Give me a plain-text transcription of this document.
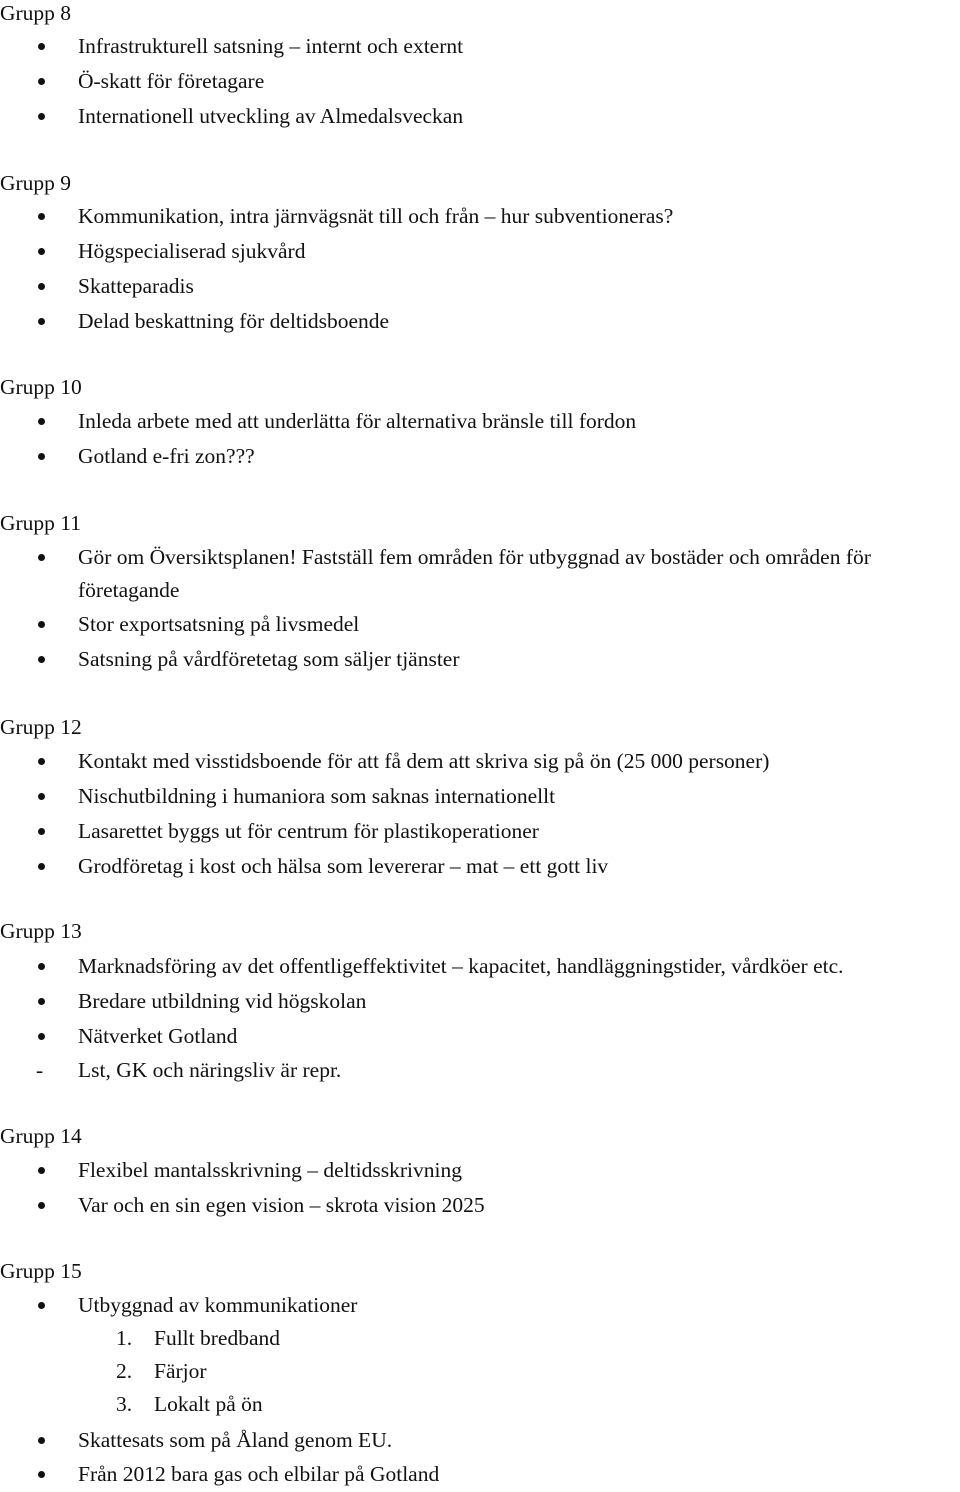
Grupp 8
Infrastrukturell satsning – internt och externt
Ö-skatt för företagare
Internationell utveckling av Almedalsveckan
Grupp 9
Kommunikation, intra järnvägsnät till och från – hur subventioneras?
Högspecialiserad sjukvård
Skatteparadis
Delad beskattning för deltidsboende
Grupp 10
Inleda arbete med att underlätta för alternativa bränsle till fordon
Gotland e-fri zon???
Grupp 11
Gör om Översiktsplanen! Fastställ fem områden för utbyggnad av bostäder och områden för företagande
Stor exportsatsning på livsmedel
Satsning på vårdföretetag som säljer tjänster
Grupp 12
Kontakt med visstidsboende för att få dem att skriva sig på ön (25 000 personer)
Nischutbildning i humaniora som saknas internationellt
Lasarettet byggs ut för centrum för plastikoperationer
Grodföretag i kost och hälsa som levererar – mat – ett gott liv
Grupp 13
Marknadsföring av det offentligeffektivitet – kapacitet, handläggningstider, vårdköer etc.
Bredare utbildning vid högskolan
Nätverket Gotland
- Lst, GK och näringsliv är repr.
Grupp 14
Flexibel mantalsskrivning – deltidsskrivning
Var och en sin egen vision – skrota vision 2025
Grupp 15
Utbyggnad av kommunikationer
1. Fullt bredband
2. Färjor
3. Lokalt på ön
Skattesats som på Åland genom EU.
Från 2012 bara gas och elbilar på Gotland
